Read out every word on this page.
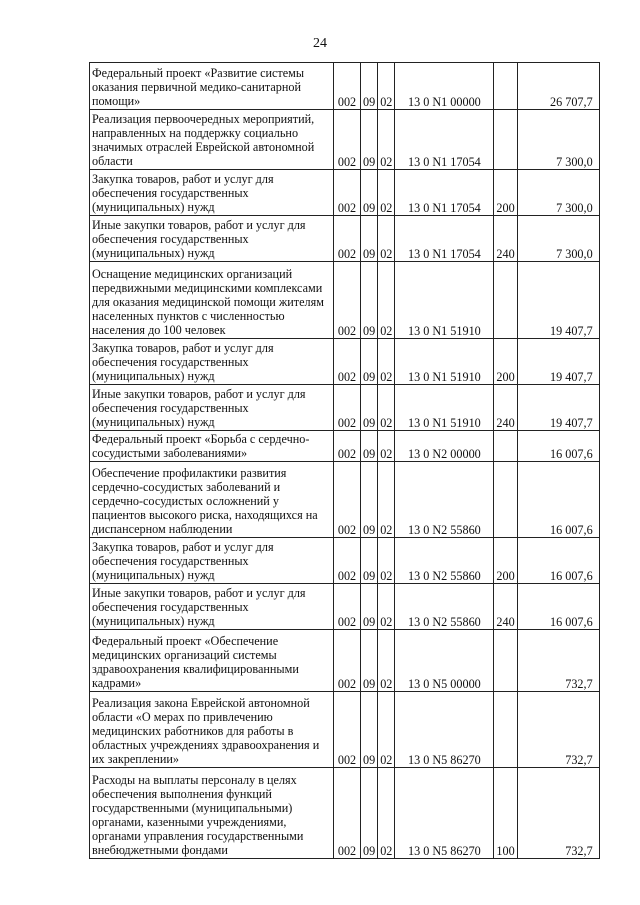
24
Федеральный проект «Развитие системы оказания первичной медико-санитарной помощи»	002	09	02	13 0 N1 00000		26 707,7
Реализация первоочередных мероприятий, направленных на поддержку социально значимых отраслей Еврейской автономной области	002	09	02	13 0 N1 17054		7 300,0
Закупка товаров, работ и услуг для обеспечения государственных (муниципальных) нужд	002	09	02	13 0 N1 17054	200	7 300,0
Иные закупки товаров, работ и услуг для обеспечения государственных (муниципальных) нужд	002	09	02	13 0 N1 17054	240	7 300,0
Оснащение медицинских организаций передвижными медицинскими комплексами для оказания медицинской помощи жителям населенных пунктов с численностью населения до 100 человек	002	09	02	13 0 N1 51910		19 407,7
Закупка товаров, работ и услуг для обеспечения государственных (муниципальных) нужд	002	09	02	13 0 N1 51910	200	19 407,7
Иные закупки товаров, работ и услуг для обеспечения государственных (муниципальных) нужд	002	09	02	13 0 N1 51910	240	19 407,7
Федеральный проект «Борьба с сердечно-сосудистыми заболеваниями»	002	09	02	13 0 N2 00000		16 007,6
Обеспечение профилактики развития сердечно-сосудистых заболеваний и сердечно-сосудистых осложнений у пациентов высокого риска, находящихся на диспансерном наблюдении	002	09	02	13 0 N2 55860		16 007,6
Закупка товаров, работ и услуг для обеспечения государственных (муниципальных) нужд	002	09	02	13 0 N2 55860	200	16 007,6
Иные закупки товаров, работ и услуг для обеспечения государственных (муниципальных) нужд	002	09	02	13 0 N2 55860	240	16 007,6
Федеральный проект «Обеспечение медицинских организаций системы здравоохранения квалифицированными кадрами»	002	09	02	13 0 N5 00000		732,7
Реализация закона Еврейской автономной области «О мерах по привлечению медицинских работников для работы в областных учреждениях здравоохранения и их закреплении»	002	09	02	13 0 N5 86270		732,7
Расходы на выплаты персоналу в целях обеспечения выполнения функций государственными (муниципальными) органами, казенными учреждениями, органами управления государственными внебюджетными фондами	002	09	02	13 0 N5 86270	100	732,7
